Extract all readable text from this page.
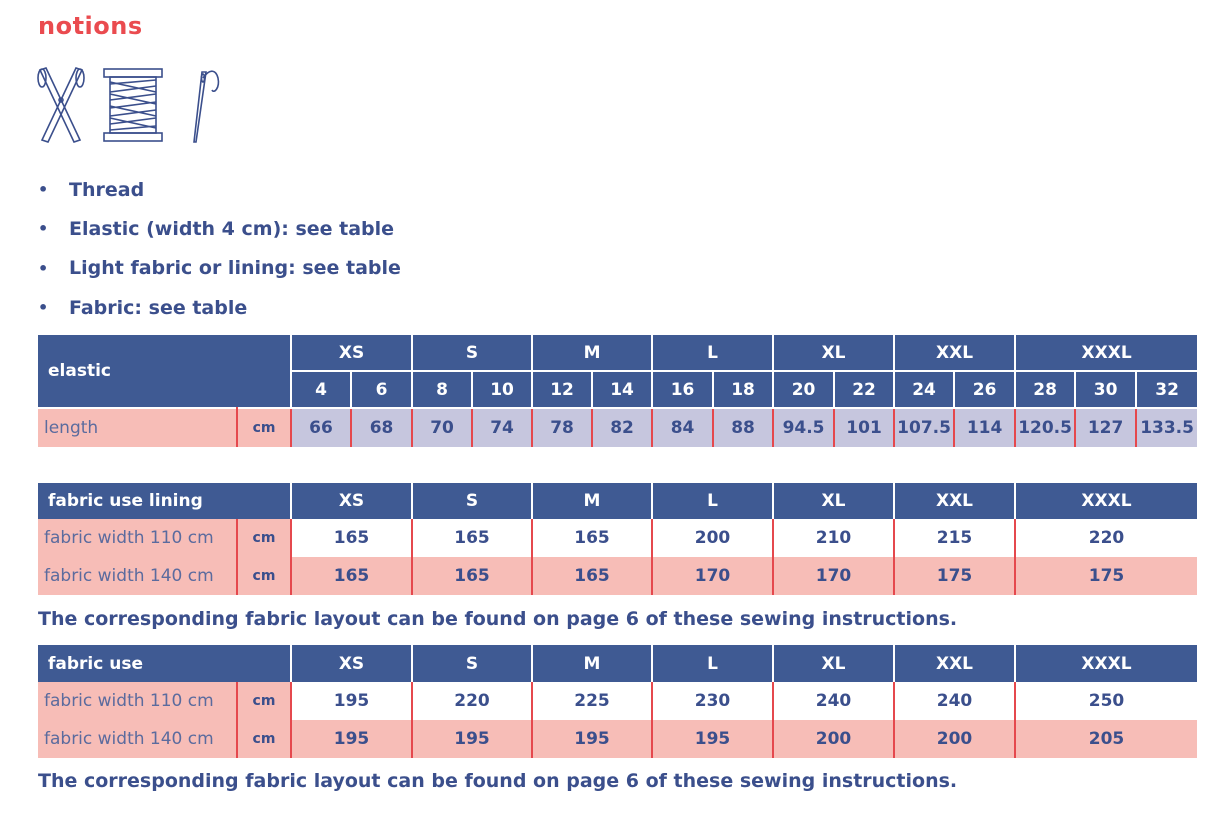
notions
•	Thread
•	Elastic (width 4 cm): see table
•	Light fabric or lining: see table
•	Fabric: see table
elastic		XS		S		M		L		XL		XXL		XXXL		
		4	6	8	10	12	14	16	18	20	22	24	26	28	30	32
length	cm	66	68	70	74	78	82	84	88	94.5	101	107.5	114	120.5	127	133.5
fabric use lining		XS	S	M	L	XL	XXL	XXXL
fabric width 110 cm	cm	165	165	165	200	210	215	220
fabric width 140 cm	cm	165	165	165	170	170	175	175
The corresponding fabric layout can be found on page 6 of these sewing instructions.
fabric use		XS	S	M	L	XL	XXL	XXXL
fabric width 110 cm	cm	195	220	225	230	240	240	250
fabric width 140 cm	cm	195	195	195	195	200	200	205
The corresponding fabric layout can be found on page 6 of these sewing instructions.
